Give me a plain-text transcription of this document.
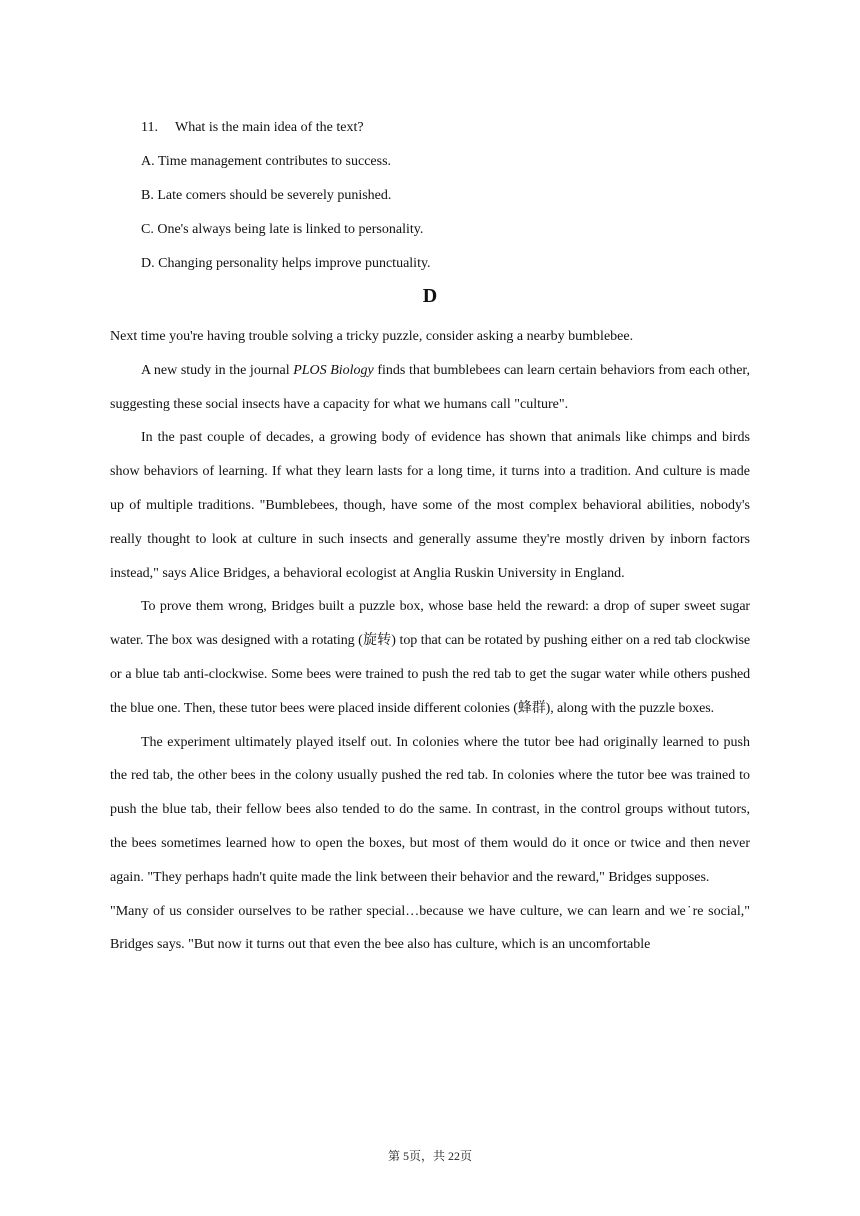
11. What is the main idea of the text?
A. Time management contributes to success.
B. Late comers should be severely punished.
C. One's always being late is linked to personality.
D. Changing personality helps improve punctuality.
D

Next time you're having trouble solving a tricky puzzle, consider asking a nearby bumblebee.

A new study in the journal PLOS Biology finds that bumblebees can learn certain behaviors from each other, suggesting these social insects have a capacity for what we humans call "culture".

In the past couple of decades, a growing body of evidence has shown that animals like chimps and birds show behaviors of learning. If what they learn lasts for a long time, it turns into a tradition. And culture is made up of multiple traditions. "Bumblebees, though, have some of the most complex behavioral abilities, nobody's really thought to look at culture in such insects and generally assume they're mostly driven by inborn factors instead," says Alice Bridges, a behavioral ecologist at Anglia Ruskin University in England.

To prove them wrong, Bridges built a puzzle box, whose base held the reward: a drop of super sweet sugar water. The box was designed with a rotating (旋转) top that can be rotated by pushing either on a red tab clockwise or a blue tab anti-clockwise. Some bees were trained to push the red tab to get the sugar water while others pushed the blue one. Then, these tutor bees were placed inside different colonies (蜂群), along with the puzzle boxes.

The experiment ultimately played itself out. In colonies where the tutor bee had originally learned to push the red tab, the other bees in the colony usually pushed the red tab. In colonies where the tutor bee was trained to push the blue tab, their fellow bees also tended to do the same. In contrast, in the control groups without tutors, the bees sometimes learned how to open the boxes, but most of them would do it once or twice and then never again. "They perhaps hadn't quite made the link between their behavior and the reward," Bridges supposes.

"Many of us consider ourselves to be rather special…because we have culture, we can learn and we˙re social," Bridges says. "But now it turns out that even the bee also has culture, which is an uncomfortable

第 5页，共 22页
